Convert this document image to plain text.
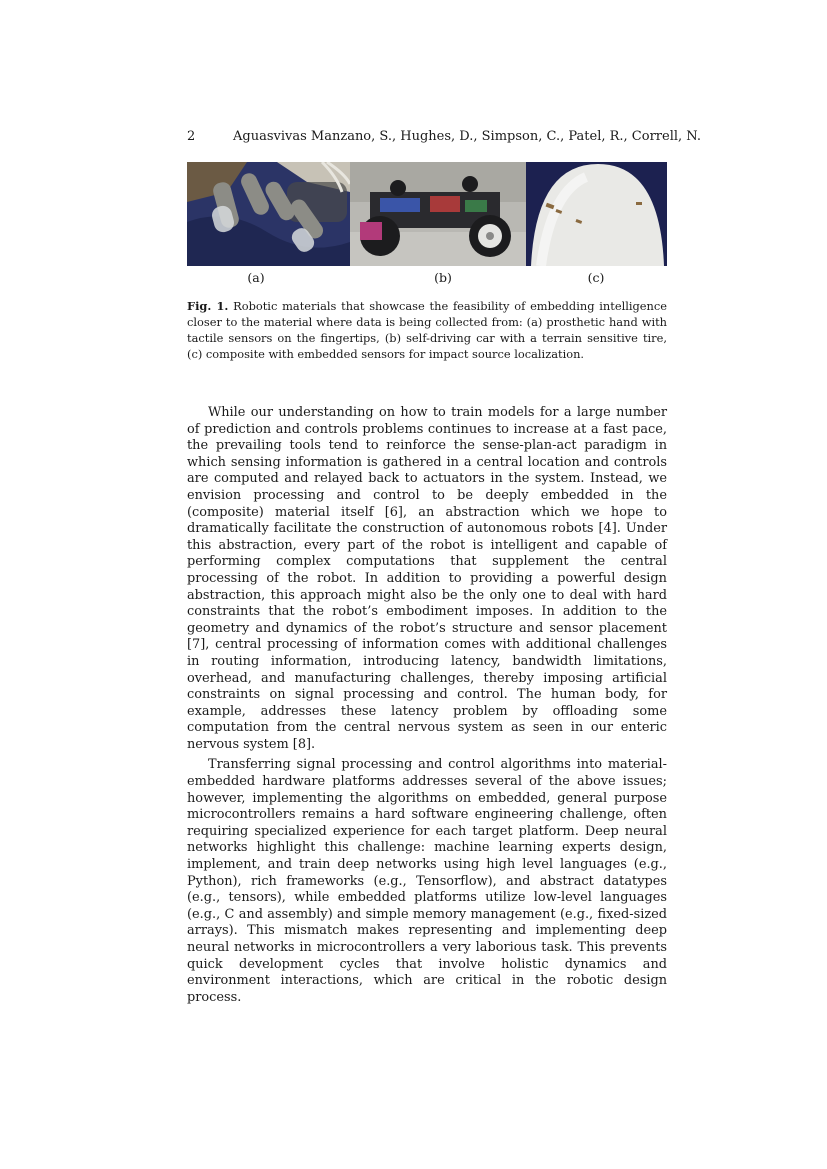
2	Aguasvivas Manzano, S., Hughes, D., Simpson, C., Patel, R., Correll, N.
(a)	(b)	(c)
Fig. 1. Robotic materials that showcase the feasibility of embedding intelligence closer to the material where data is being collected from: (a) prosthetic hand with tactile sensors on the fingertips, (b) self-driving car with a terrain sensitive tire, (c) composite with embedded sensors for impact source localization.

While our understanding on how to train models for a large number of prediction and controls problems continues to increase at a fast pace, the prevailing tools tend to reinforce the sense-plan-act paradigm in which sensing information is gathered in a central location and controls are computed and relayed back to actuators in the system. Instead, we envision processing and control to be deeply embedded in the (composite) material itself [6], an abstraction which we hope to dramatically facilitate the construction of autonomous robots [4]. Under this abstraction, every part of the robot is intelligent and capable of performing complex computations that supplement the central processing of the robot. In addition to providing a powerful design abstraction, this approach might also be the only one to deal with hard constraints that the robot’s embodiment imposes. In addition to the geometry and dynamics of the robot’s structure and sensor placement [7], central processing of information comes with additional challenges in routing information, introducing latency, bandwidth limitations, overhead, and manufacturing challenges, thereby imposing artificial constraints on signal processing and control. The human body, for example, addresses these latency problem by offloading some computation from the central nervous system as seen in our enteric nervous system [8].

Transferring signal processing and control algorithms into material-embedded hardware platforms addresses several of the above issues; however, implementing the algorithms on embedded, general purpose microcontrollers remains a hard software engineering challenge, often requiring specialized experience for each target platform. Deep neural networks highlight this challenge: machine learning experts design, implement, and train deep networks using high level languages (e.g., Python), rich frameworks (e.g., Tensorflow), and abstract datatypes (e.g., tensors), while embedded platforms utilize low-level languages (e.g., C and assembly) and simple memory management (e.g., fixed-sized arrays). This mismatch makes representing and implementing deep neural networks in microcontrollers a very laborious task. This prevents quick development cycles that involve holistic dynamics and environment interactions, which are critical in the robotic design process.
